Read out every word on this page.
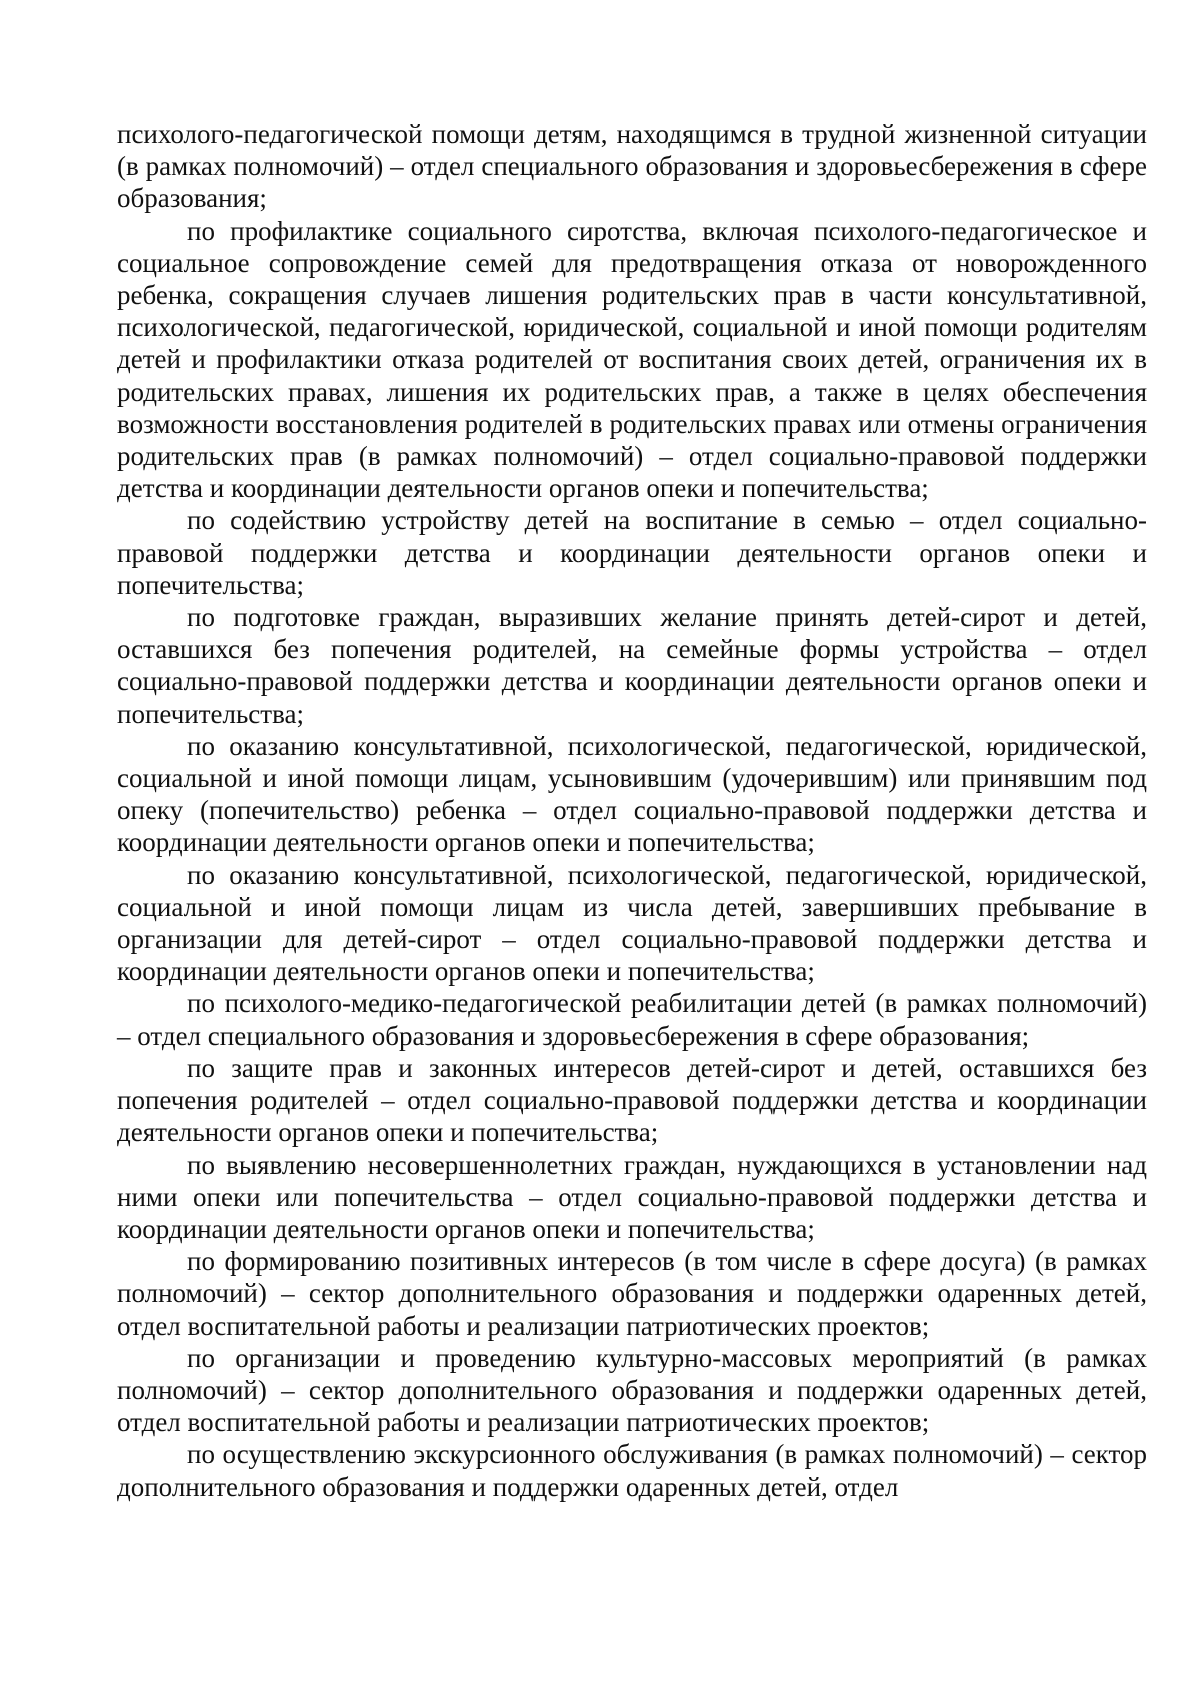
психолого-педагогической помощи детям, находящимся в трудной жизненной ситуации (в рамках полномочий) – отдел специального образования и здоровьесбережения в сфере образования;

по профилактике социального сиротства, включая психолого-педагогическое и социальное сопровождение семей для предотвращения отказа от новорожденного ребенка, сокращения случаев лишения родительских прав в части консультативной, психологической, педагогической, юридической, социальной и иной помощи родителям детей и профилактики отказа родителей от воспитания своих детей, ограничения их в родительских правах, лишения их родительских прав, а также в целях обеспечения возможности восстановления родителей в родительских правах или отмены ограничения родительских прав (в рамках полномочий) – отдел социально-правовой поддержки детства и координации деятельности органов опеки и попечительства;

по содействию устройству детей на воспитание в семью – отдел социально-правовой поддержки детства и координации деятельности органов опеки и попечительства;

по подготовке граждан, выразивших желание принять детей-сирот и детей, оставшихся без попечения родителей, на семейные формы устройства – отдел социально-правовой поддержки детства и координации деятельности органов опеки и попечительства;

по оказанию консультативной, психологической, педагогической, юридической, социальной и иной помощи лицам, усыновившим (удочерившим) или принявшим под опеку (попечительство) ребенка – отдел социально-правовой поддержки детства и координации деятельности органов опеки и попечительства;

по оказанию консультативной, психологической, педагогической, юридической, социальной и иной помощи лицам из числа детей, завершивших пребывание в организации для детей-сирот – отдел социально-правовой поддержки детства и координации деятельности органов опеки и попечительства;

по психолого-медико-педагогической реабилитации детей (в рамках полномочий) – отдел специального образования и здоровьесбережения в сфере образования;

по защите прав и законных интересов детей-сирот и детей, оставшихся без попечения родителей – отдел социально-правовой поддержки детства и координации деятельности органов опеки и попечительства;

по выявлению несовершеннолетних граждан, нуждающихся в установлении над ними опеки или попечительства – отдел социально-правовой поддержки детства и координации деятельности органов опеки и попечительства;

по формированию позитивных интересов (в том числе в сфере досуга) (в рамках полномочий) – сектор дополнительного образования и поддержки одаренных детей, отдел воспитательной работы и реализации патриотических проектов;

по организации и проведению культурно-массовых мероприятий (в рамках полномочий) – сектор дополнительного образования и поддержки одаренных детей, отдел воспитательной работы и реализации патриотических проектов;

по осуществлению экскурсионного обслуживания (в рамках полномочий) – сектор дополнительного образования и поддержки одаренных детей, отдел
